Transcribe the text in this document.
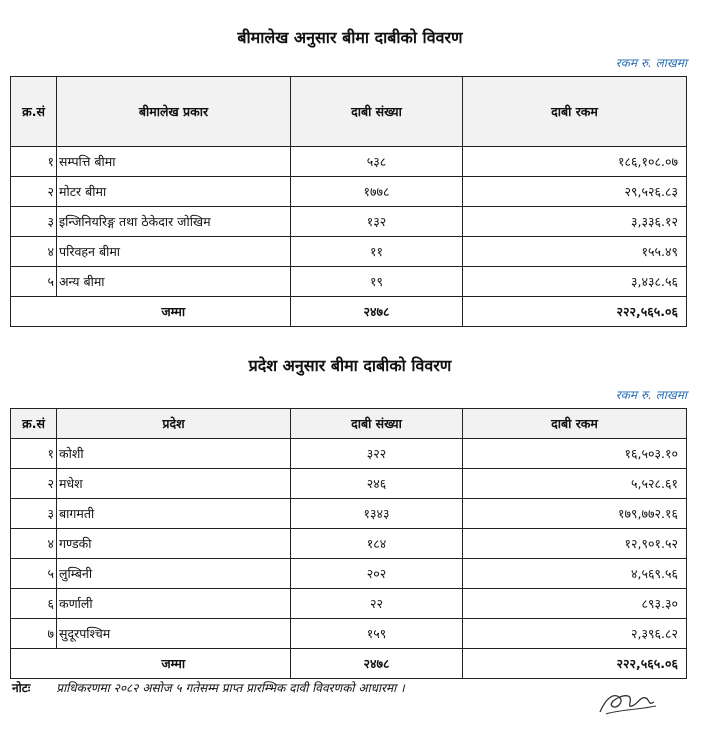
बीमालेख अनुसार बीमा दाबीको विवरण
रकम रु. लाखमा
क्र.सं	बीमालेख प्रकार	दाबी संख्या	दाबी रकम
१	सम्पत्ति बीमा	५३८	१८६,१०८.०७
२	मोटर बीमा	१७७८	२९,५२६.८३
३	इन्जिनियरिङ्ग तथा ठेकेदार जोखिम	१३२	३,३३६.१२
४	परिवहन बीमा	११	१५५.४९
५	अन्य बीमा	१९	३,४३८.५६
	जम्मा	२४७८	२२२,५६५.०६
प्रदेश अनुसार बीमा दाबीको विवरण
रकम रु. लाखमा
क्र.सं	प्रदेश	दाबी संख्या	दाबी रकम
१	कोशी	३२२	१६,५०३.१०
२	मधेश	२४६	५,५२८.६१
३	बागमती	१३४३	१७९,७७२.१६
४	गण्डकी	१८४	१२,९०१.५२
५	लुम्बिनी	२०२	४,५६९.५६
६	कर्णाली	२२	८९३.३०
७	सुदूरपश्चिम	१५९	२,३९६.८२
	जम्मा	२४७८	२२२,५६५.०६
नोटः प्राधिकरणमा २०८२ असोज ५ गतेसम्म प्राप्त प्रारम्भिक दावी विवरणको आधारमा ।
